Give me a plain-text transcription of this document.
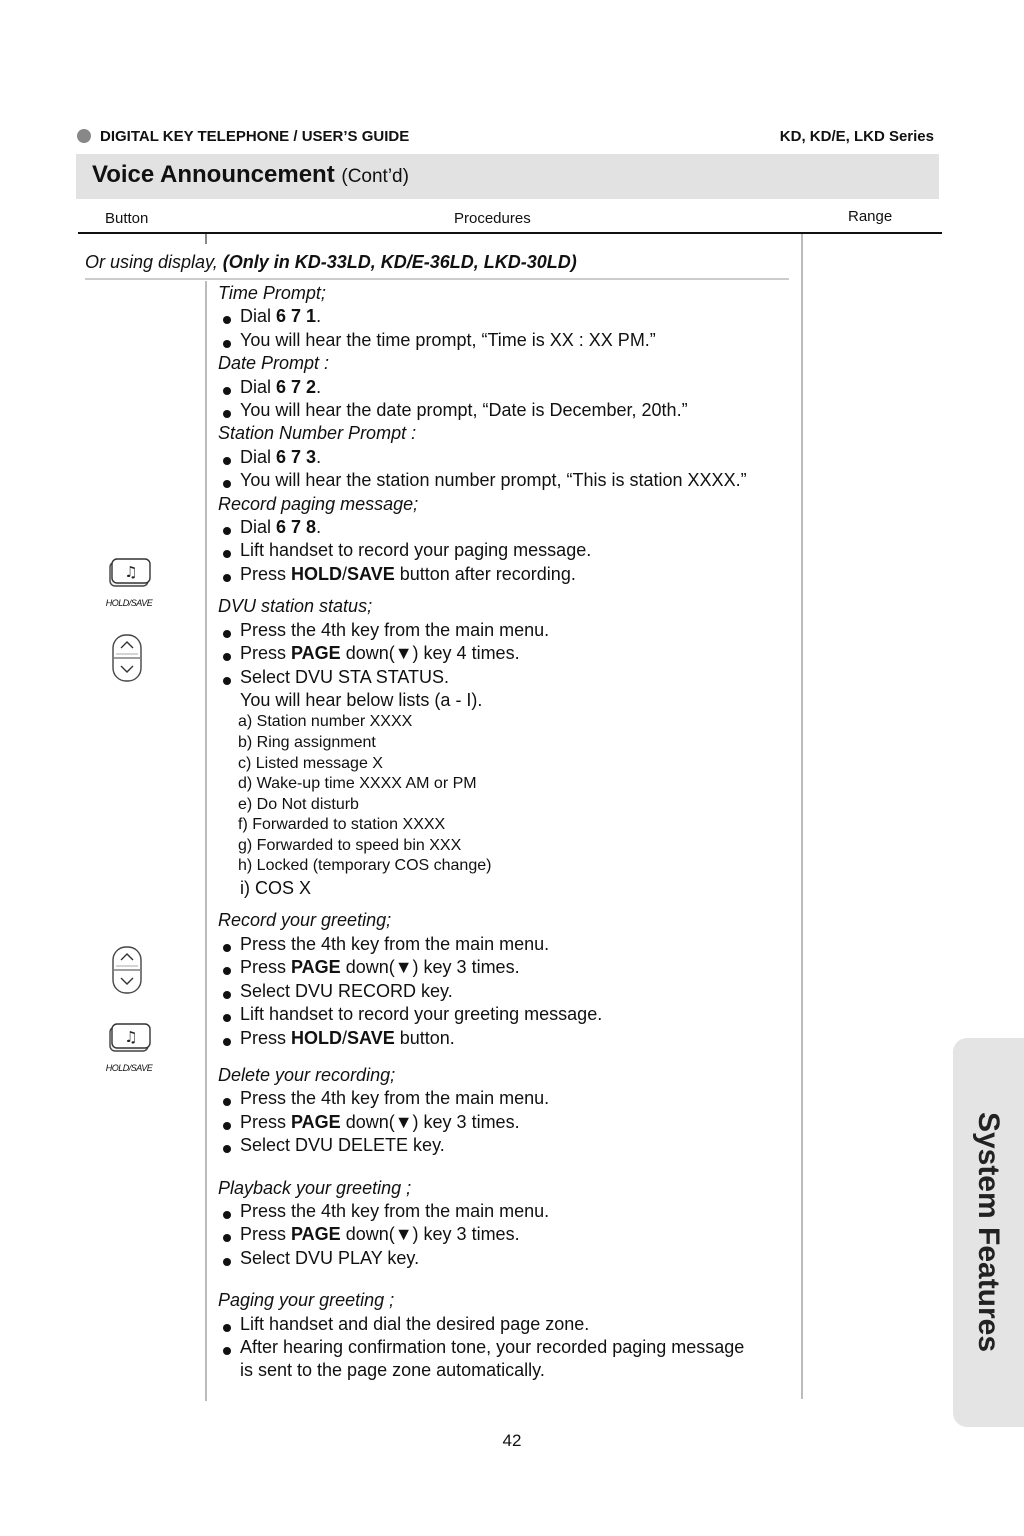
DIGITAL KEY TELEPHONE / USER’S GUIDE	KD, KD/E, LKD Series
Voice Announcement (Cont’d)
Button	Procedures	Range
Or using display, (Only in KD-33LD, KD/E-36LD, LKD-30LD)
♫
HOLD/SAVE
♫
HOLD/SAVE
Time Prompt;
Dial 6 7 1.
You will hear the time prompt, “Time is XX : XX PM.”
Date Prompt :
Dial 6 7 2.
You will hear the date prompt, “Date is December, 20th.”
Station Number Prompt :
Dial 6 7 3.
You will hear the station number prompt, “This is station XXXX.”
Record paging message;
Dial 6 7 8.
Lift handset to record your paging message.
Press HOLD/SAVE button after recording.
DVU station status;
Press the 4th key from the main menu.
Press PAGE down(▼) key 4 times.
Select DVU STA STATUS.
You will hear below lists (a - I).
a) Station number XXXX
b) Ring assignment
c) Listed message X
d) Wake-up time XXXX AM or PM
e) Do Not disturb
f) Forwarded to station XXXX
g) Forwarded to speed bin XXX
h) Locked (temporary COS change)
i) COS X
Record your greeting;
Press the 4th key from the main menu.
Press PAGE down(▼) key 3 times.
Select DVU RECORD key.
Lift handset to record your greeting message.
Press HOLD/SAVE button.
Delete your recording;
Press the 4th key from the main menu.
Press PAGE down(▼) key 3 times.
Select DVU DELETE key.
Playback your greeting ;
Press the 4th key from the main menu.
Press PAGE down(▼) key 3 times.
Select DVU PLAY key.
Paging your greeting ;
Lift handset and dial the desired page zone.
After hearing confirmation tone, your recorded paging message
is sent to the page zone automatically.
System Features
42
